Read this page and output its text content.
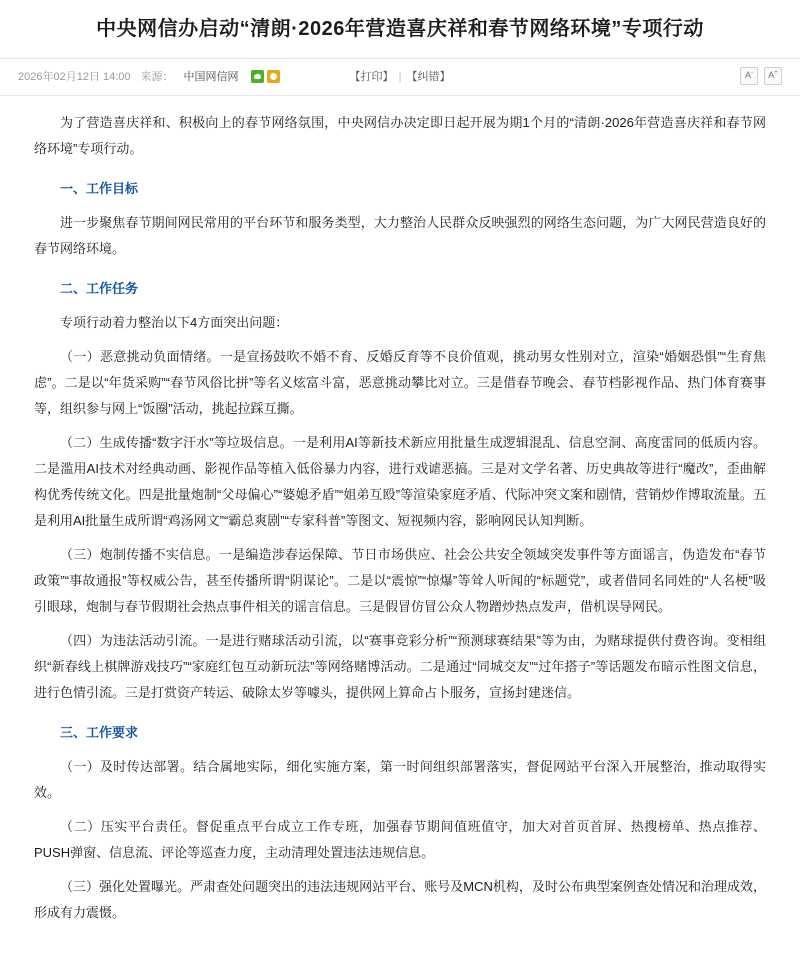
中央网信办启动“清朗·2026年营造喜庆祥和春节网络环境”专项行动
2026年02月12日 14:00 来源： 中国网信网	【打印】 | 【纠错】	A-	A+

为了营造喜庆祥和、积极向上的春节网络氛围，中央网信办决定即日起开展为期1个月的“清朗·2026年营造喜庆祥和春节网络环境”专项行动。

一、工作目标

进一步聚焦春节期间网民常用的平台环节和服务类型，大力整治人民群众反映强烈的网络生态问题，为广大网民营造良好的春节网络环境。

二、工作任务

专项行动着力整治以下4方面突出问题：

（一）恶意挑动负面情绪。一是宣扬鼓吹不婚不育、反婚反育等不良价值观，挑动男女性别对立，渲染“婚姻恐惧”“生育焦虑”。二是以“年货采购”“春节风俗比拼”等名义炫富斗富，恶意挑动攀比对立。三是借春节晚会、春节档影视作品、热门体育赛事等，组织参与网上“饭圈”活动，挑起拉踩互撕。

（二）生成传播“数字汗水”等垃圾信息。一是利用AI等新技术新应用批量生成逻辑混乱、信息空洞、高度雷同的低质内容。二是滥用AI技术对经典动画、影视作品等植入低俗暴力内容，进行戏谑恶搞。三是对文学名著、历史典故等进行“魔改”，歪曲解构优秀传统文化。四是批量炮制“父母偏心”“婆媳矛盾”“姐弟互殴”等渲染家庭矛盾、代际冲突文案和剧情，营销炒作博取流量。五是利用AI批量生成所谓“鸡汤网文”“霸总爽剧”“专家科普”等图文、短视频内容，影响网民认知判断。

（三）炮制传播不实信息。一是编造涉春运保障、节日市场供应、社会公共安全领域突发事件等方面谣言，伪造发布“春节政策”“事故通报”等权威公告，甚至传播所谓“阴谋论”。二是以“震惊”“惊爆”等耸人听闻的“标题党”，或者借同名同姓的“人名梗”吸引眼球，炮制与春节假期社会热点事件相关的谣言信息。三是假冒仿冒公众人物蹭炒热点发声，借机误导网民。

（四）为违法活动引流。一是进行赌球活动引流，以“赛事竞彩分析”“预测球赛结果”等为由，为赌球提供付费咨询。变相组织“新春线上棋牌游戏技巧”“家庭红包互动新玩法”等网络赌博活动。二是通过“同城交友”“过年搭子”等话题发布暗示性图文信息，进行色情引流。三是打赏资产转运、破除太岁等噱头，提供网上算命占卜服务，宣扬封建迷信。

三、工作要求

（一）及时传达部署。结合属地实际，细化实施方案，第一时间组织部署落实，督促网站平台深入开展整治，推动取得实效。

（二）压实平台责任。督促重点平台成立工作专班，加强春节期间值班值守，加大对首页首屏、热搜榜单、热点推荐、PUSH弹窗、信息流、评论等巡查力度，主动清理处置违法违规信息。

（三）强化处置曝光。严肃查处问题突出的违法违规网站平台、账号及MCN机构，及时公布典型案例查处情况和治理成效，形成有力震慑。
